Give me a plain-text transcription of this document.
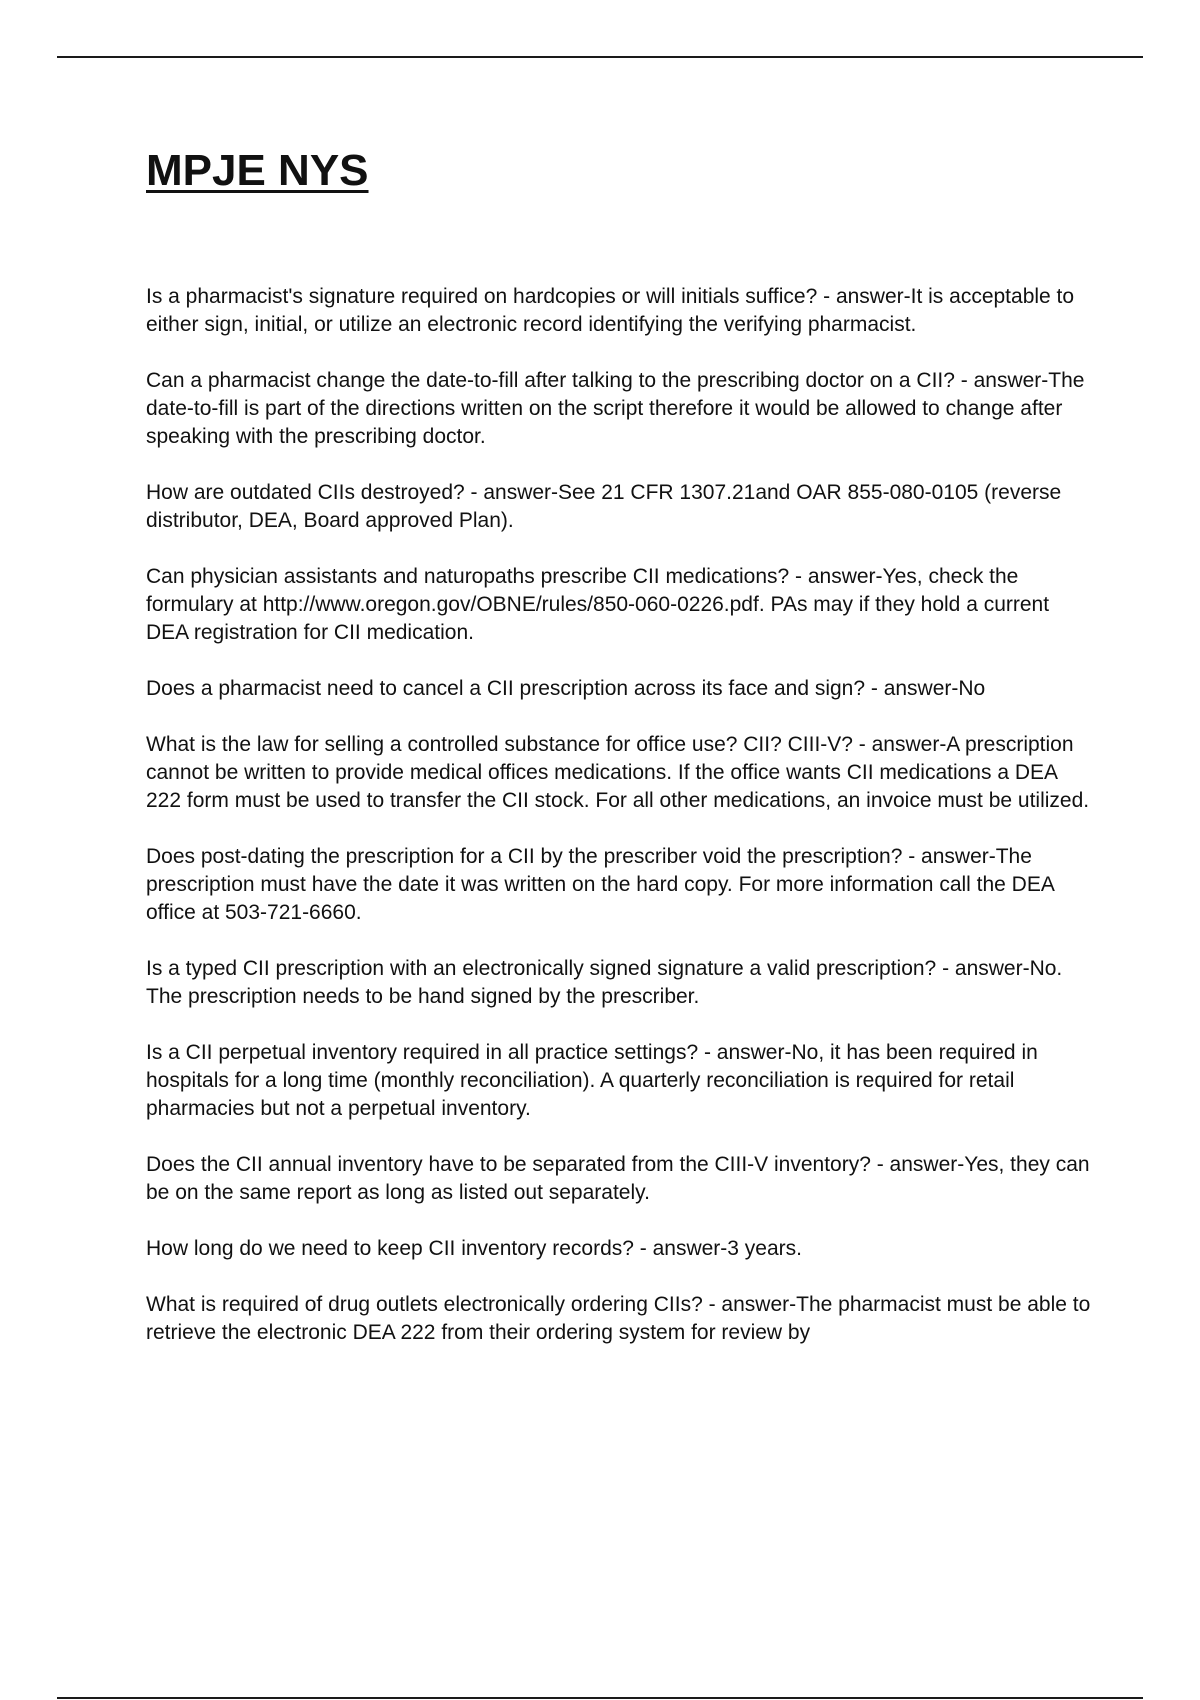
MPJE NYS

Is a pharmacist's signature required on hardcopies or will initials suffice? - answer-It is acceptable to either sign, initial, or utilize an electronic record identifying the verifying pharmacist.

Can a pharmacist change the date-to-fill after talking to the prescribing doctor on a CII? - answer-The date-to-fill is part of the directions written on the script therefore it would be allowed to change after speaking with the prescribing doctor.

How are outdated CIIs destroyed? - answer-See 21 CFR 1307.21and OAR 855-080-0105 (reverse distributor, DEA, Board approved Plan).

Can physician assistants and naturopaths prescribe CII medications? - answer-Yes, check the formulary at http://www.oregon.gov/OBNE/rules/850-060-0226.pdf. PAs may if they hold a current DEA registration for CII medication.

Does a pharmacist need to cancel a CII prescription across its face and sign? - answer-No

What is the law for selling a controlled substance for office use? CII? CIII-V? - answer-A prescription cannot be written to provide medical offices medications. If the office wants CII medications a DEA 222 form must be used to transfer the CII stock. For all other medications, an invoice must be utilized.

Does post-dating the prescription for a CII by the prescriber void the prescription? - answer-The prescription must have the date it was written on the hard copy. For more information call the DEA office at 503-721-6660.

Is a typed CII prescription with an electronically signed signature a valid prescription? - answer-No. The prescription needs to be hand signed by the prescriber.

Is a CII perpetual inventory required in all practice settings? - answer-No, it has been required in hospitals for a long time (monthly reconciliation). A quarterly reconciliation is required for retail pharmacies but not a perpetual inventory.

Does the CII annual inventory have to be separated from the CIII-V inventory? - answer-Yes, they can be on the same report as long as listed out separately.

How long do we need to keep CII inventory records? - answer-3 years.

What is required of drug outlets electronically ordering CIIs? - answer-The pharmacist must be able to retrieve the electronic DEA 222 from their ordering system for review by
